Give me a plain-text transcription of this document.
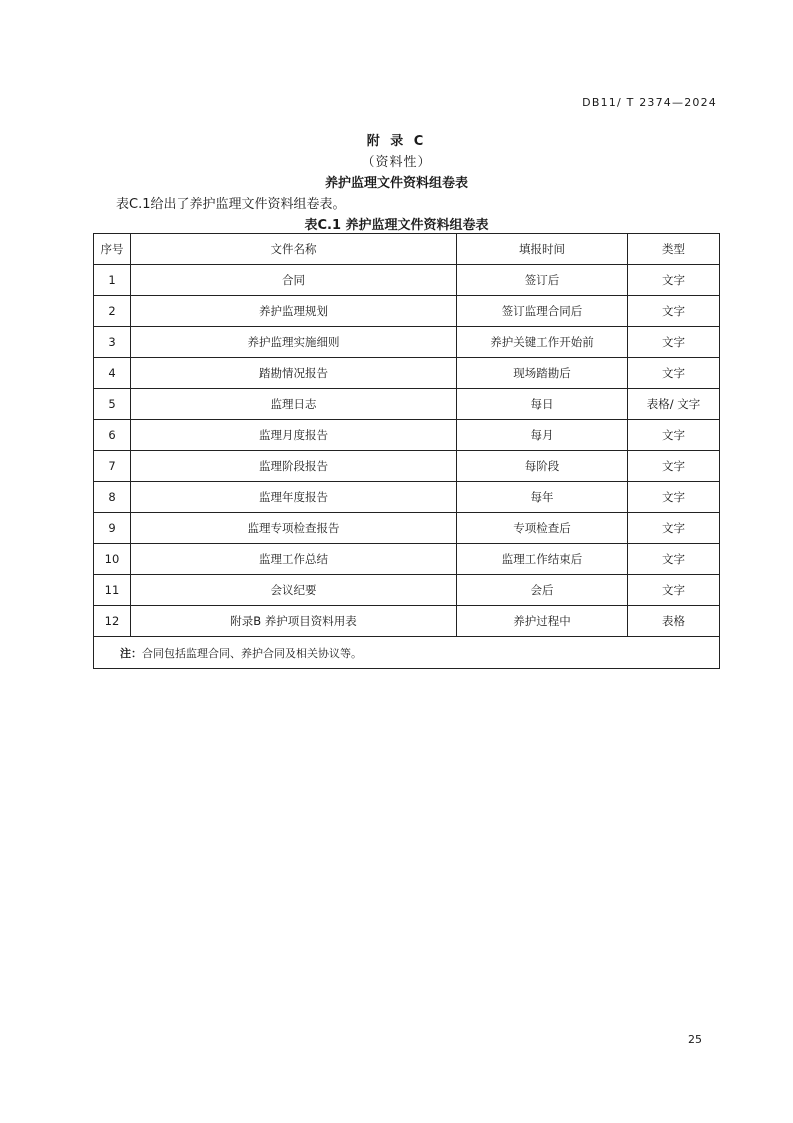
DB11/ T 2374—2024
附 录 C
（资料性）
养护监理文件资料组卷表
表C.1给出了养护监理文件资料组卷表。
表C.1 养护监理文件资料组卷表
序号	文件名称	填报时间	类型
1	合同	签订后	文字
2	养护监理规划	签订监理合同后	文字
3	养护监理实施细则	养护关键工作开始前	文字
4	踏勘情况报告	现场踏勘后	文字
5	监理日志	每日	表格/ 文字
6	监理月度报告	每月	文字
7	监理阶段报告	每阶段	文字
8	监理年度报告	每年	文字
9	监理专项检查报告	专项检查后	文字
10	监理工作总结	监理工作结束后	文字
11	会议纪要	会后	文字
12	附录B 养护项目资料用表	养护过程中	表格
注：合同包括监理合同、养护合同及相关协议等。			
25
